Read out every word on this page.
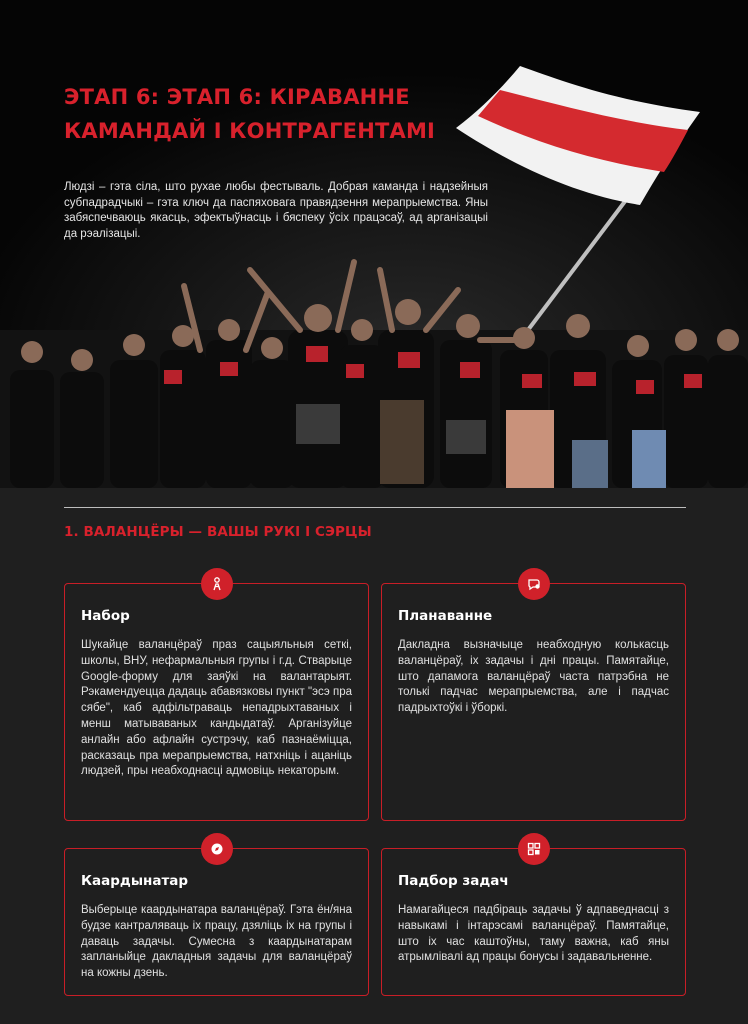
ЭТАП 6: ЭТАП 6: КІРАВАННЕ КАМАНДАЙ І КОНТРАГЕНТАМІ

Людзі – гэта сіла, што рухае любы фестываль. Добрая каманда і надзейныя субпадрадчыкі – гэта ключ да паспяховага правядзення мерапрыемства. Яны забяспечваюць якасць, эфектыўнасць і бяспеку ўсіх працэсаў, ад арганізацыі да рэалізацыі.

1. ВАЛАНЦЁРЫ — ВАШЫ РУКІ І СЭРЦЫ
Набор
Шукайце валанцёраў праз сацыяльныя сеткі, школы, ВНУ, нефармальныя групы і г.д. Стварыце Google-форму для заяўкі на валантарыят. Рэкамендуецца дадаць абавязковы пункт "эсэ пра сябе", каб адфільтраваць непадрыхтаваных і менш матываваных кандыдатаў. Арганізуйце анлайн або афлайн сустрэчу, каб пазнаёміцца, расказаць пра мерапрыемства, натхніць і ацаніць людзей, пры неабходнасці адмовіць некаторым.
Планаванне
Дакладна вызначыце неабходную колькасць валанцёраў, іх задачы і дні працы. Памятайце, што дапамога валанцёраў часта патрэбна не толькі падчас мерапрыемства, але і падчас падрыхтоўкі і ўборкі.
Каардынатар
Выберыце каардынатара валанцёраў. Гэта ён/яна будзе кантраляваць іх працу, дзяліць іх на групы і даваць задачы. Сумесна з каардынатарам запланыйце дакладныя задачы для валанцёраў на кожны дзень.
Падбор задач
Намагайцеся падбіраць задачы ў адпаведнасці з навыкамі і інтарэсамі валанцёраў. Памятайце, што іх час каштоўны, таму важна, каб яны атрымлівалі ад працы бонусы і задавальненне.
